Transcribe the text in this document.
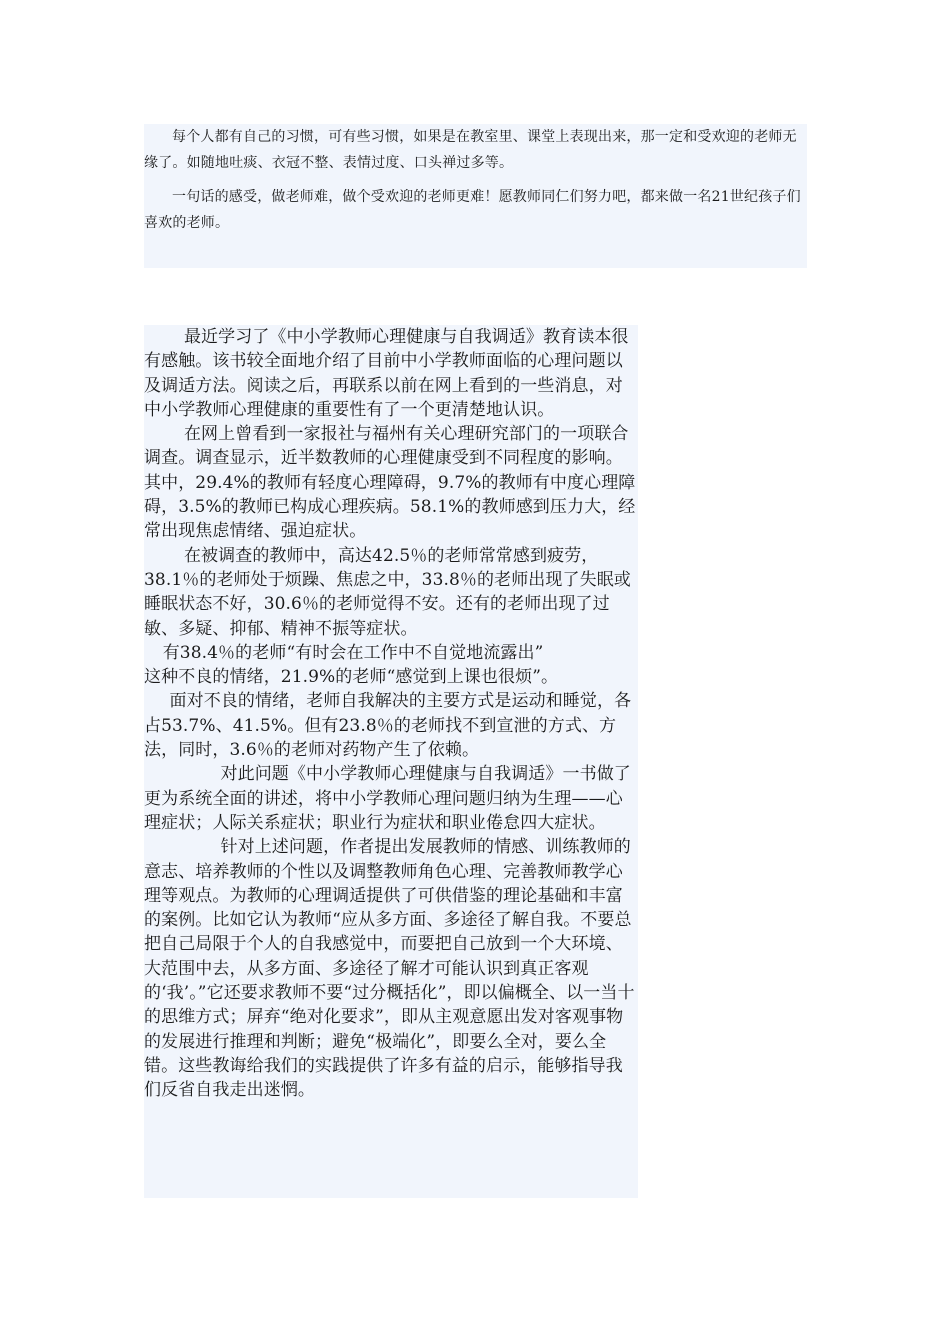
每个人都有自己的习惯，可有些习惯，如果是在教室里、课堂上表现出来，那一定和受欢迎的老师无缘了。如随地吐痰、衣冠不整、表情过度、口头禅过多等。

一句话的感受，做老师难，做个受欢迎的老师更难！愿教师同仁们努力吧，都来做一名21世纪孩子们喜欢的老师。

最近学习了《中小学教师心理健康与自我调适》教育读本很有感触。该书较全面地介绍了目前中小学教师面临的心理问题以及调适方法。阅读之后，再联系以前在网上看到的一些消息，对中小学教师心理健康的重要性有了一个更清楚地认识。

在网上曾看到一家报社与福州有关心理研究部门的一项联合调查。调查显示，近半数教师的心理健康受到不同程度的影响。其中，29.4%的教师有轻度心理障碍，9.7%的教师有中度心理障碍，3.5%的教师已构成心理疾病。58.1%的教师感到压力大，经常出现焦虑情绪、强迫症状。

在被调查的教师中，高达42.5％的老师常常感到疲劳，38.1％的老师处于烦躁、焦虑之中，33.8％的老师出现了失眠或睡眠状态不好，30.6％的老师觉得不安。还有的老师出现了过敏、多疑、抑郁、精神不振等症状。

有38.4％的老师“有时会在工作中不自觉地流露出”

这种不良的情绪，21.9%的老师“感觉到上课也很烦”。

面对不良的情绪，老师自我解决的主要方式是运动和睡觉，各占53.7%、41.5%。但有23.8％的老师找不到宣泄的方式、方法，同时，3.6％的老师对药物产生了依赖。

对此问题《中小学教师心理健康与自我调适》一书做了更为系统全面的讲述，将中小学教师心理问题归纳为生理——心理症状；人际关系症状；职业行为症状和职业倦怠四大症状。

针对上述问题，作者提出发展教师的情感、训练教师的意志、培养教师的个性以及调整教师角色心理、完善教师教学心理等观点。为教师的心理调适提供了可供借鉴的理论基础和丰富的案例。比如它认为教师“应从多方面、多途径了解自我。不要总把自己局限于个人的自我感觉中，而要把自己放到一个大环境、大范围中去，从多方面、多途径了解才可能认识到真正客观的‘我’。”它还要求教师不要“过分概括化”，即以偏概全、以一当十的思维方式；屏弃“绝对化要求”，即从主观意愿出发对客观事物的发展进行推理和判断；避免“极端化”，即要么全对，要么全错。这些教诲给我们的实践提供了许多有益的启示，能够指导我们反省自我走出迷惘。
